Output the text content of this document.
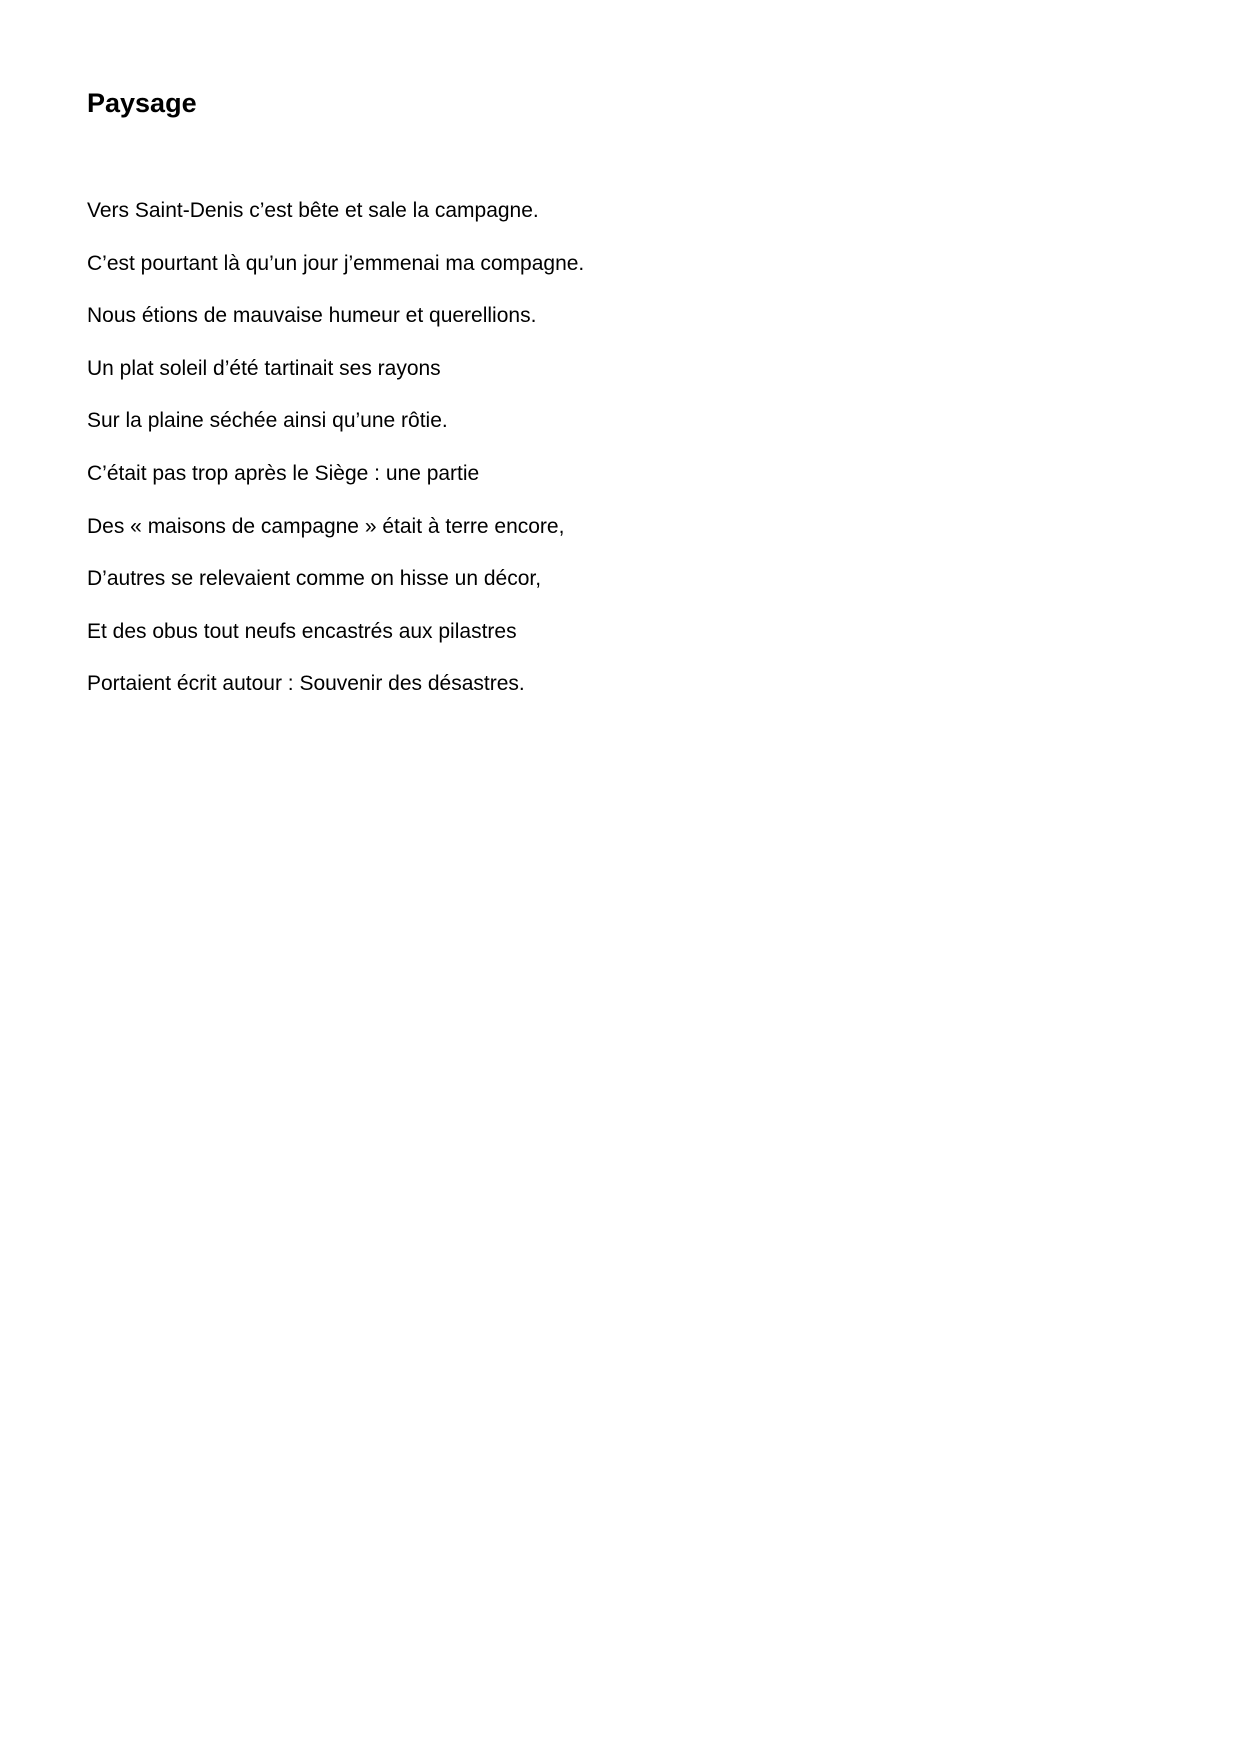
Paysage
Vers Saint-Denis c’est bête et sale la campagne.
C’est pourtant là qu’un jour j’emmenai ma compagne.
Nous étions de mauvaise humeur et querellions.
Un plat soleil d’été tartinait ses rayons
Sur la plaine séchée ainsi qu’une rôtie.
C’était pas trop après le Siège : une partie
Des « maisons de campagne » était à terre encore,
D’autres se relevaient comme on hisse un décor,
Et des obus tout neufs encastrés aux pilastres
Portaient écrit autour : Souvenir des désastres.
